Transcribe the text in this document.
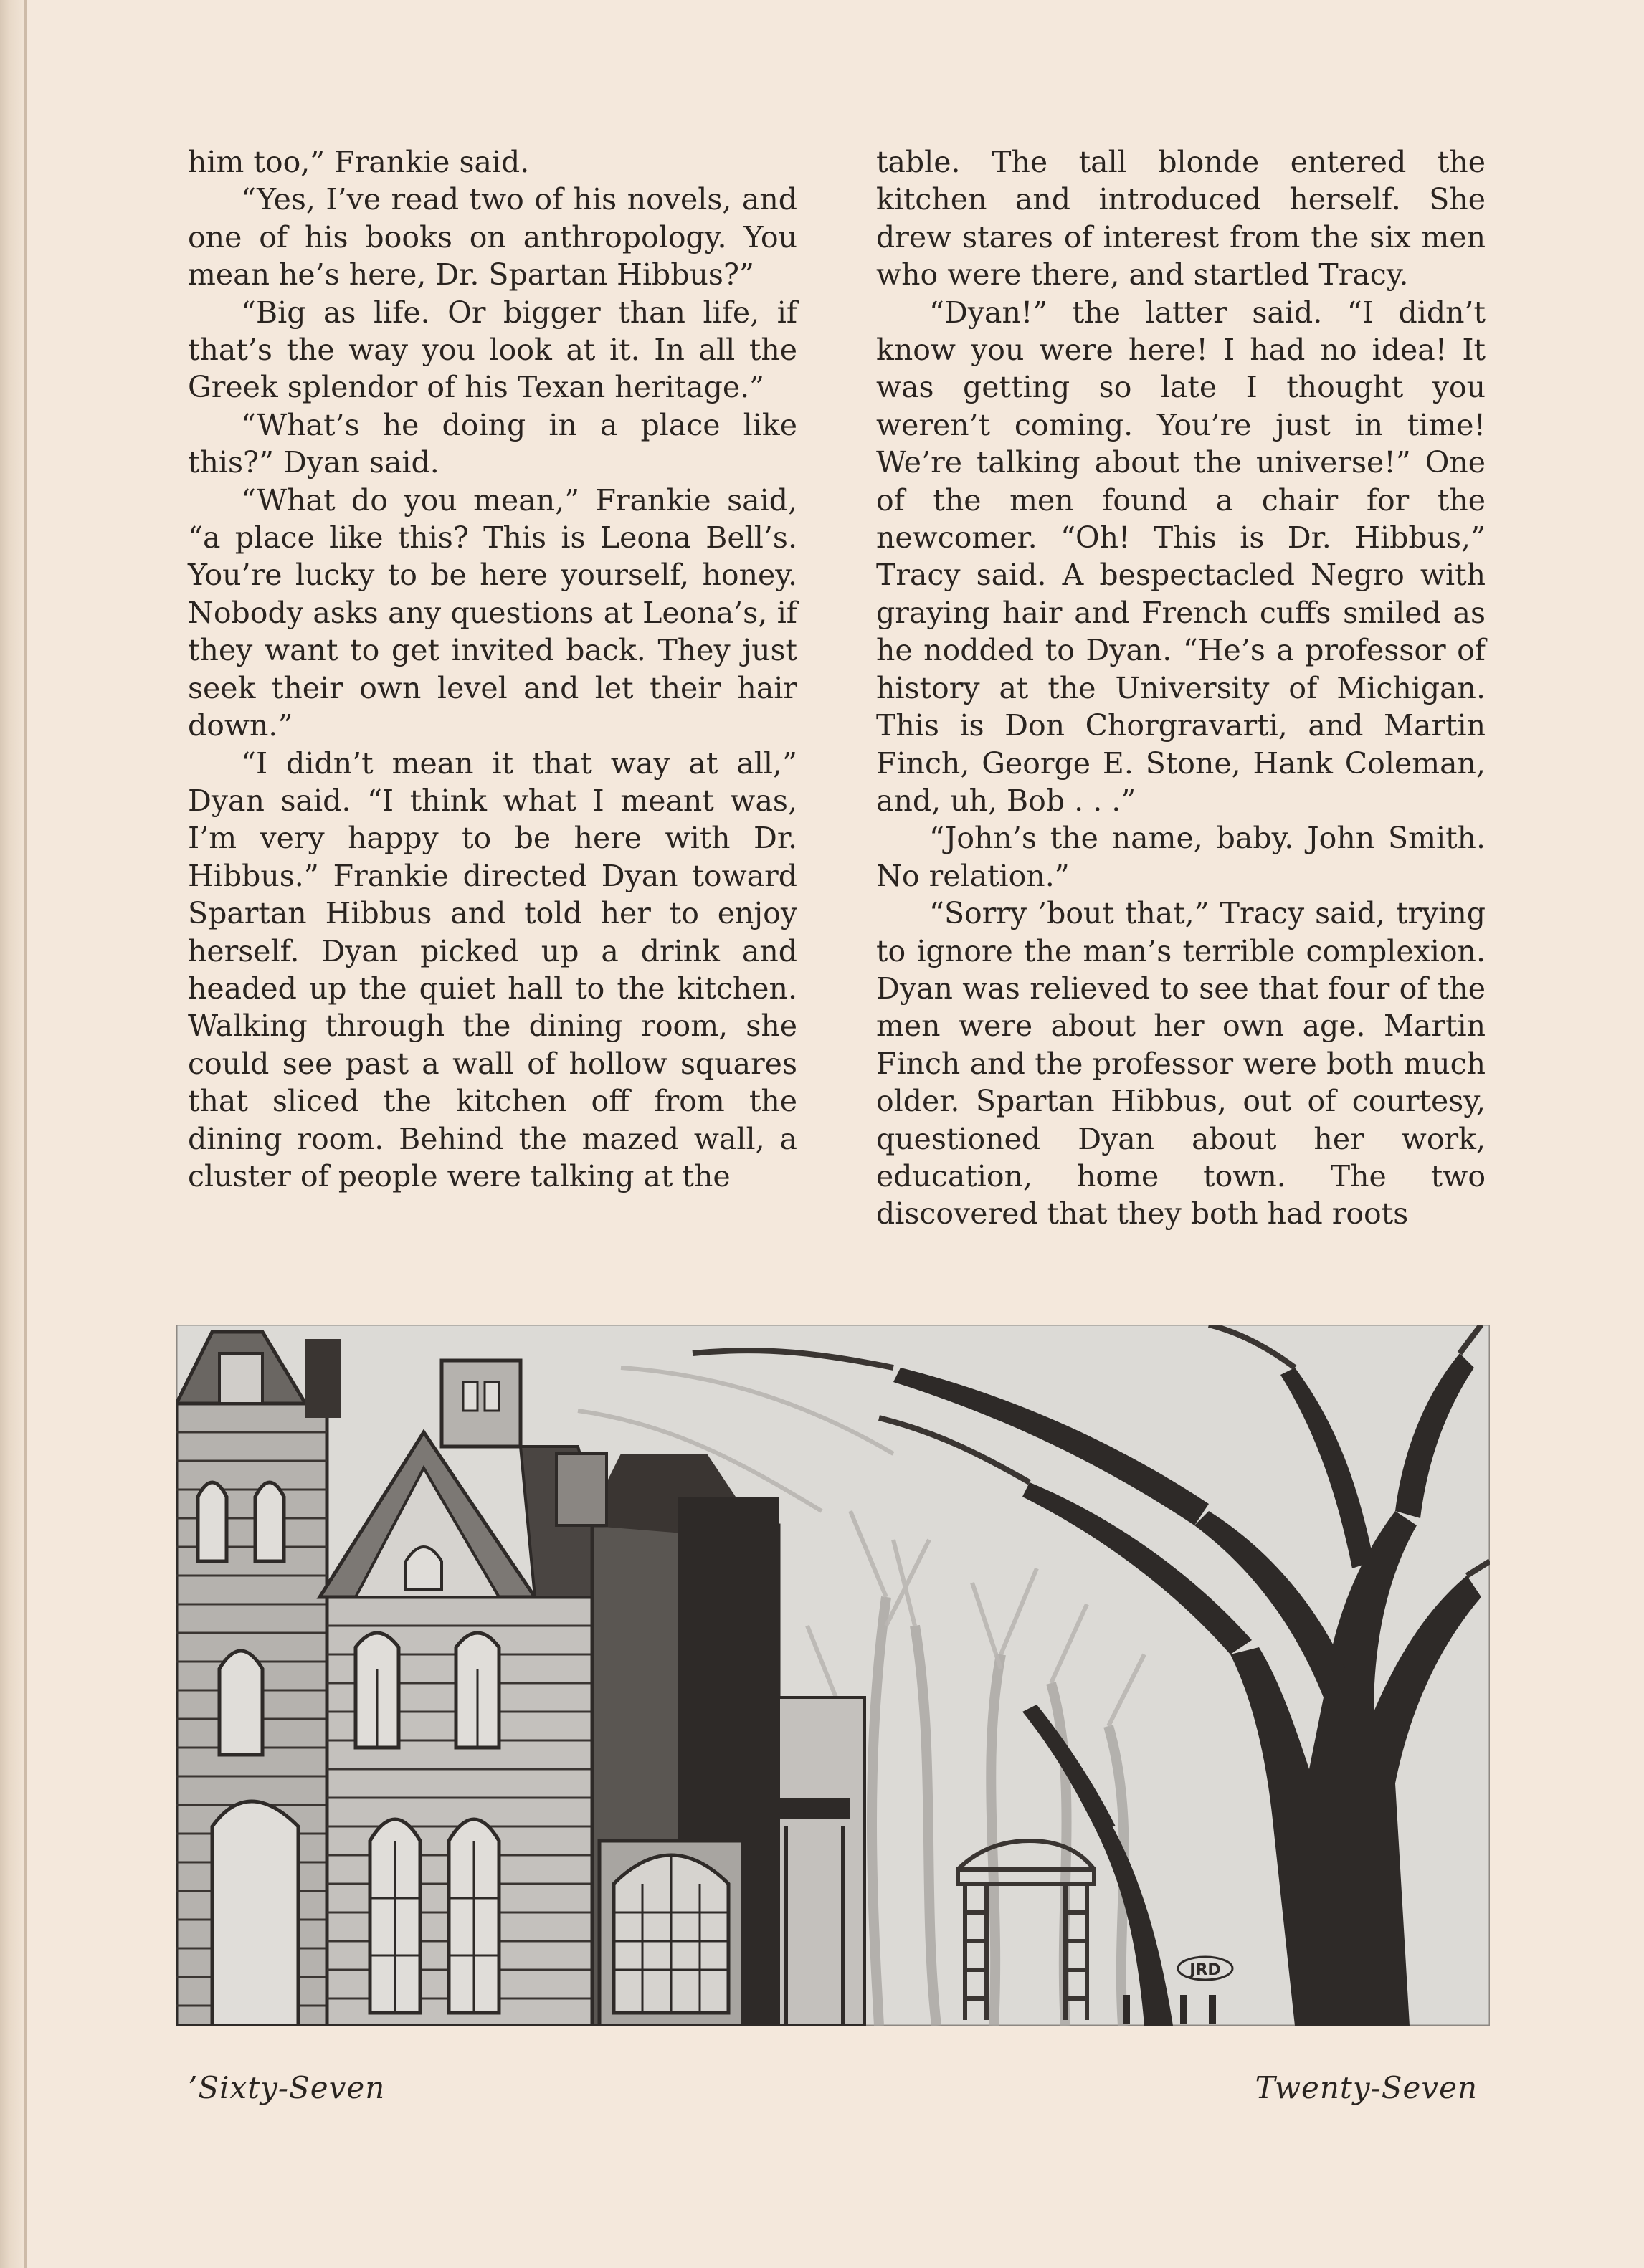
him too,” Frankie said.

“Yes, I’ve read two of his novels, and one of his books on anthropology. You mean he’s here, Dr. Spartan Hibbus?”

“Big as life. Or bigger than life, if that’s the way you look at it. In all the Greek splendor of his Texan heritage.”

“What’s he doing in a place like this?” Dyan said.

“What do you mean,” Frankie said, “a place like this? This is Leona Bell’s. You’re lucky to be here yourself, honey. Nobody asks any questions at Leona’s, if they want to get invited back. They just seek their own level and let their hair down.”

“I didn’t mean it that way at all,” Dyan said. “I think what I meant was, I’m very happy to be here with Dr. Hibbus.” Frankie directed Dyan toward Spartan Hibbus and told her to enjoy herself. Dyan picked up a drink and headed up the quiet hall to the kitchen. Walking through the dining room, she could see past a wall of hollow squares that sliced the kitchen off from the dining room. Behind the mazed wall, a cluster of people were talking at the

table. The tall blonde entered the kitchen and introduced herself. She drew stares of interest from the six men who were there, and startled Tracy.

“Dyan!” the latter said. “I didn’t know you were here! I had no idea! It was getting so late I thought you weren’t coming. You’re just in time! We’re talking about the universe!” One of the men found a chair for the newcomer. “Oh! This is Dr. Hibbus,” Tracy said. A bespectacled Negro with graying hair and French cuffs smiled as he nodded to Dyan. “He’s a professor of history at the University of Michigan. This is Don Chorgravarti, and Martin Finch, George E. Stone, Hank Coleman, and, uh, Bob . . .”

“John’s the name, baby. John Smith. No relation.”

“Sorry ’bout that,” Tracy said, trying to ignore the man’s terrible complexion. Dyan was relieved to see that four of the men were about her own age. Martin Finch and the professor were both much older. Spartan Hibbus, out of courtesy, questioned Dyan about her work, education, home town. The two discovered that they both had roots

JRD
’Sixty-Seven	Twenty-Seven
